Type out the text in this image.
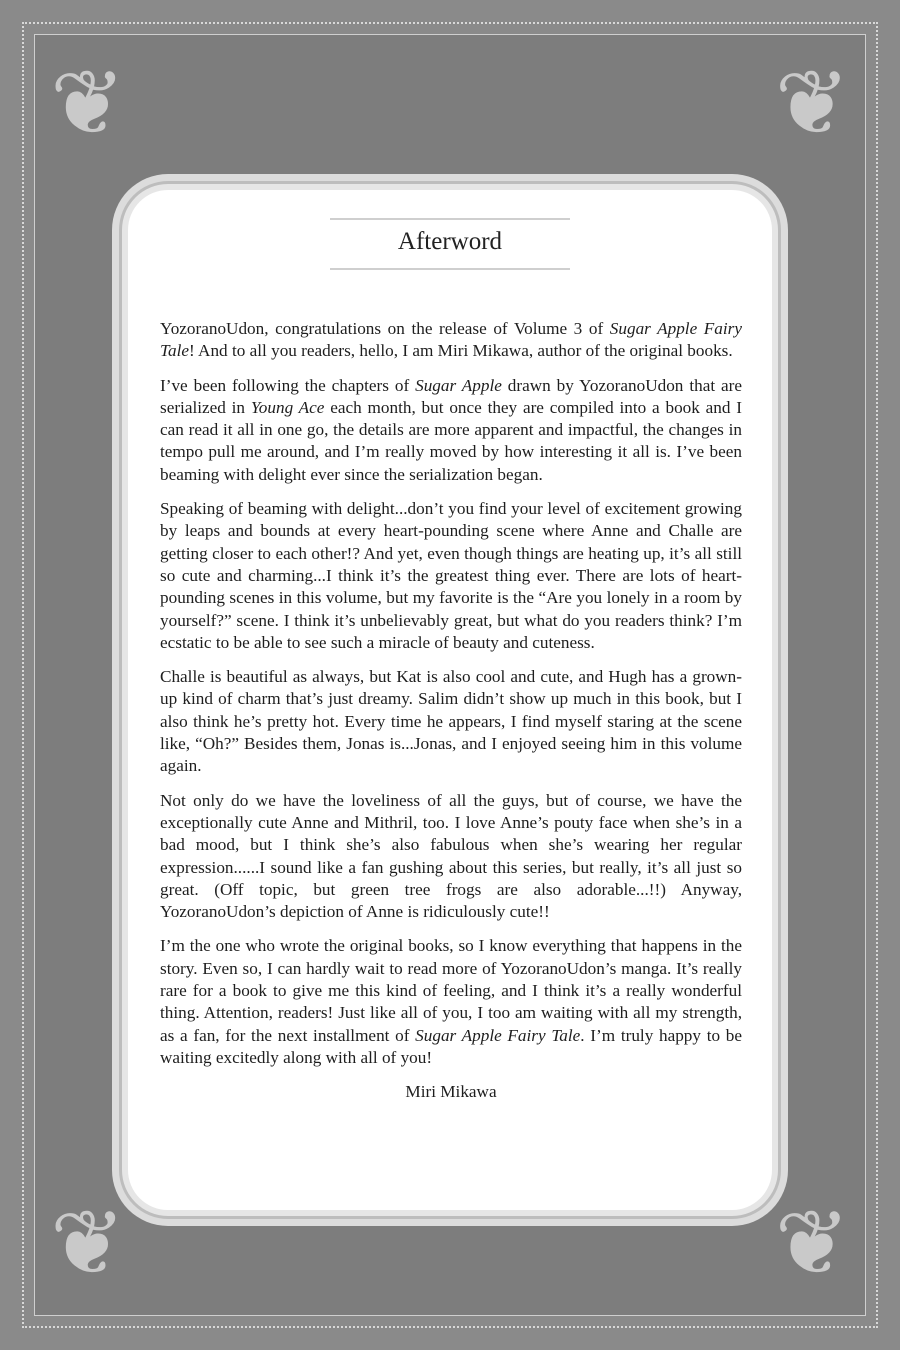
❦	❦
❦	❦
Afterword

YozoranoUdon, congratulations on the release of Volume 3 of Sugar Apple Fairy Tale! And to all you readers, hello, I am Miri Mikawa, author of the original books.

I’ve been following the chapters of Sugar Apple drawn by YozoranoUdon that are serialized in Young Ace each month, but once they are compiled into a book and I can read it all in one go, the details are more apparent and impactful, the changes in tempo pull me around, and I’m really moved by how interesting it all is. I’ve been beaming with delight ever since the serialization began.

Speaking of beaming with delight...don’t you find your level of excitement growing by leaps and bounds at every heart-pounding scene where Anne and Challe are getting closer to each other!? And yet, even though things are heating up, it’s all still so cute and charming...I think it’s the greatest thing ever. There are lots of heart-pounding scenes in this volume, but my favorite is the “Are you lonely in a room by yourself?” scene. I think it’s unbelievably great, but what do you readers think? I’m ecstatic to be able to see such a miracle of beauty and cuteness.

Challe is beautiful as always, but Kat is also cool and cute, and Hugh has a grown-up kind of charm that’s just dreamy. Salim didn’t show up much in this book, but I also think he’s pretty hot. Every time he appears, I find myself staring at the scene like, “Oh?” Besides them, Jonas is...Jonas, and I enjoyed seeing him in this volume again.

Not only do we have the loveliness of all the guys, but of course, we have the exceptionally cute Anne and Mithril, too. I love Anne’s pouty face when she’s in a bad mood, but I think she’s also fabulous when she’s wearing her regular expression......I sound like a fan gushing about this series, but really, it’s all just so great. (Off topic, but green tree frogs are also adorable...!!) Anyway, YozoranoUdon’s depiction of Anne is ridiculously cute!!

I’m the one who wrote the original books, so I know everything that happens in the story. Even so, I can hardly wait to read more of YozoranoUdon’s manga. It’s really rare for a book to give me this kind of feeling, and I think it’s a really wonderful thing. Attention, readers! Just like all of you, I too am waiting with all my strength, as a fan, for the next installment of Sugar Apple Fairy Tale. I’m truly happy to be waiting excitedly along with all of you!

Miri Mikawa
